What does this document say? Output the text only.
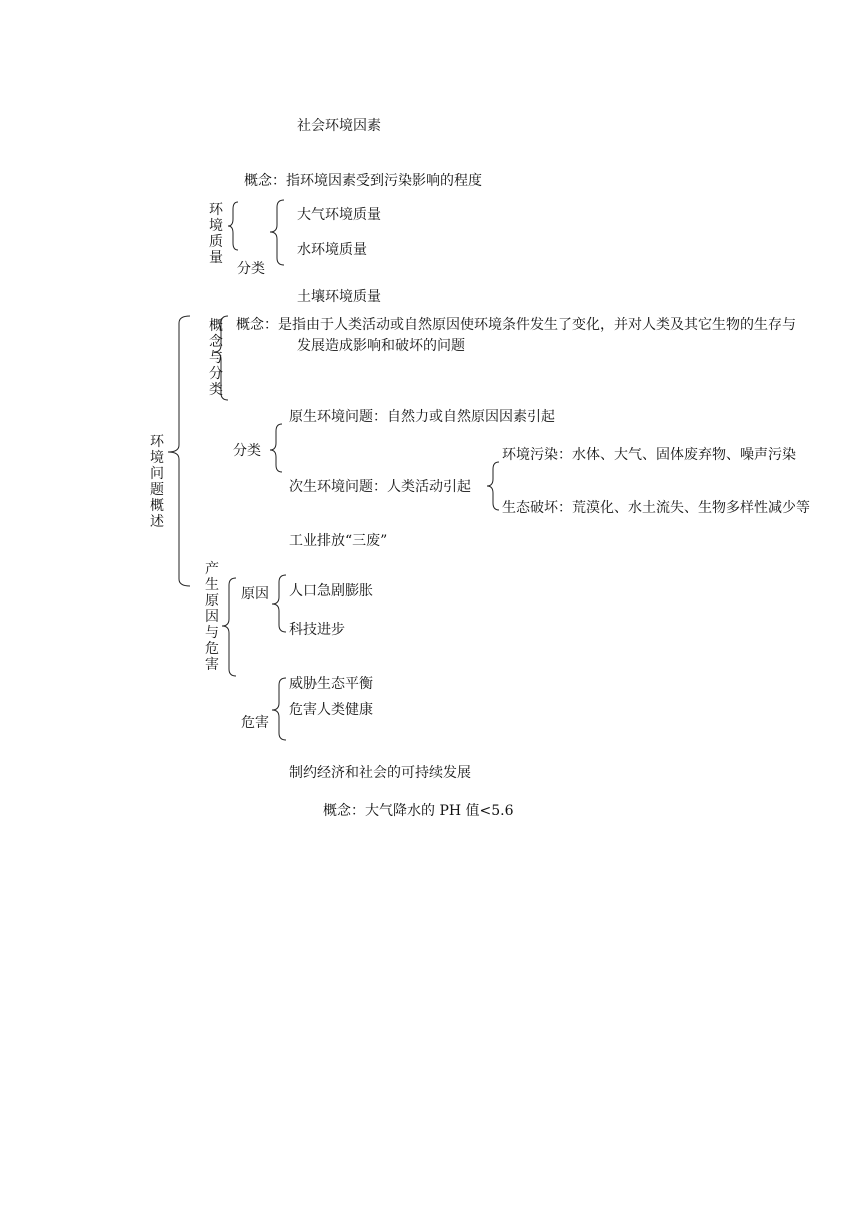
社会环境因素
概念：指环境因素受到污染影响的程度
环境质量
分类
大气环境质量
水环境质量
土壤环境质量
环境问题概述
概念与分类
概念：是指由于人类活动或自然原因使环境条件发生了变化，并对人类及其它生物的生存与
发展造成影响和破坏的问题
分类
原生环境问题：自然力或自然原因因素引起
次生环境问题：人类活动引起
环境污染：水体、大气、固体废弃物、噪声污染
生态破坏：荒漠化、水土流失、生物多样性减少等
工业排放“三废”
产生原因与危害
原因 人口急剧膨胀
科技进步
危害
威胁生态平衡
危害人类健康
制约经济和社会的可持续发展
概念：大气降水的 PH 值<5.6
